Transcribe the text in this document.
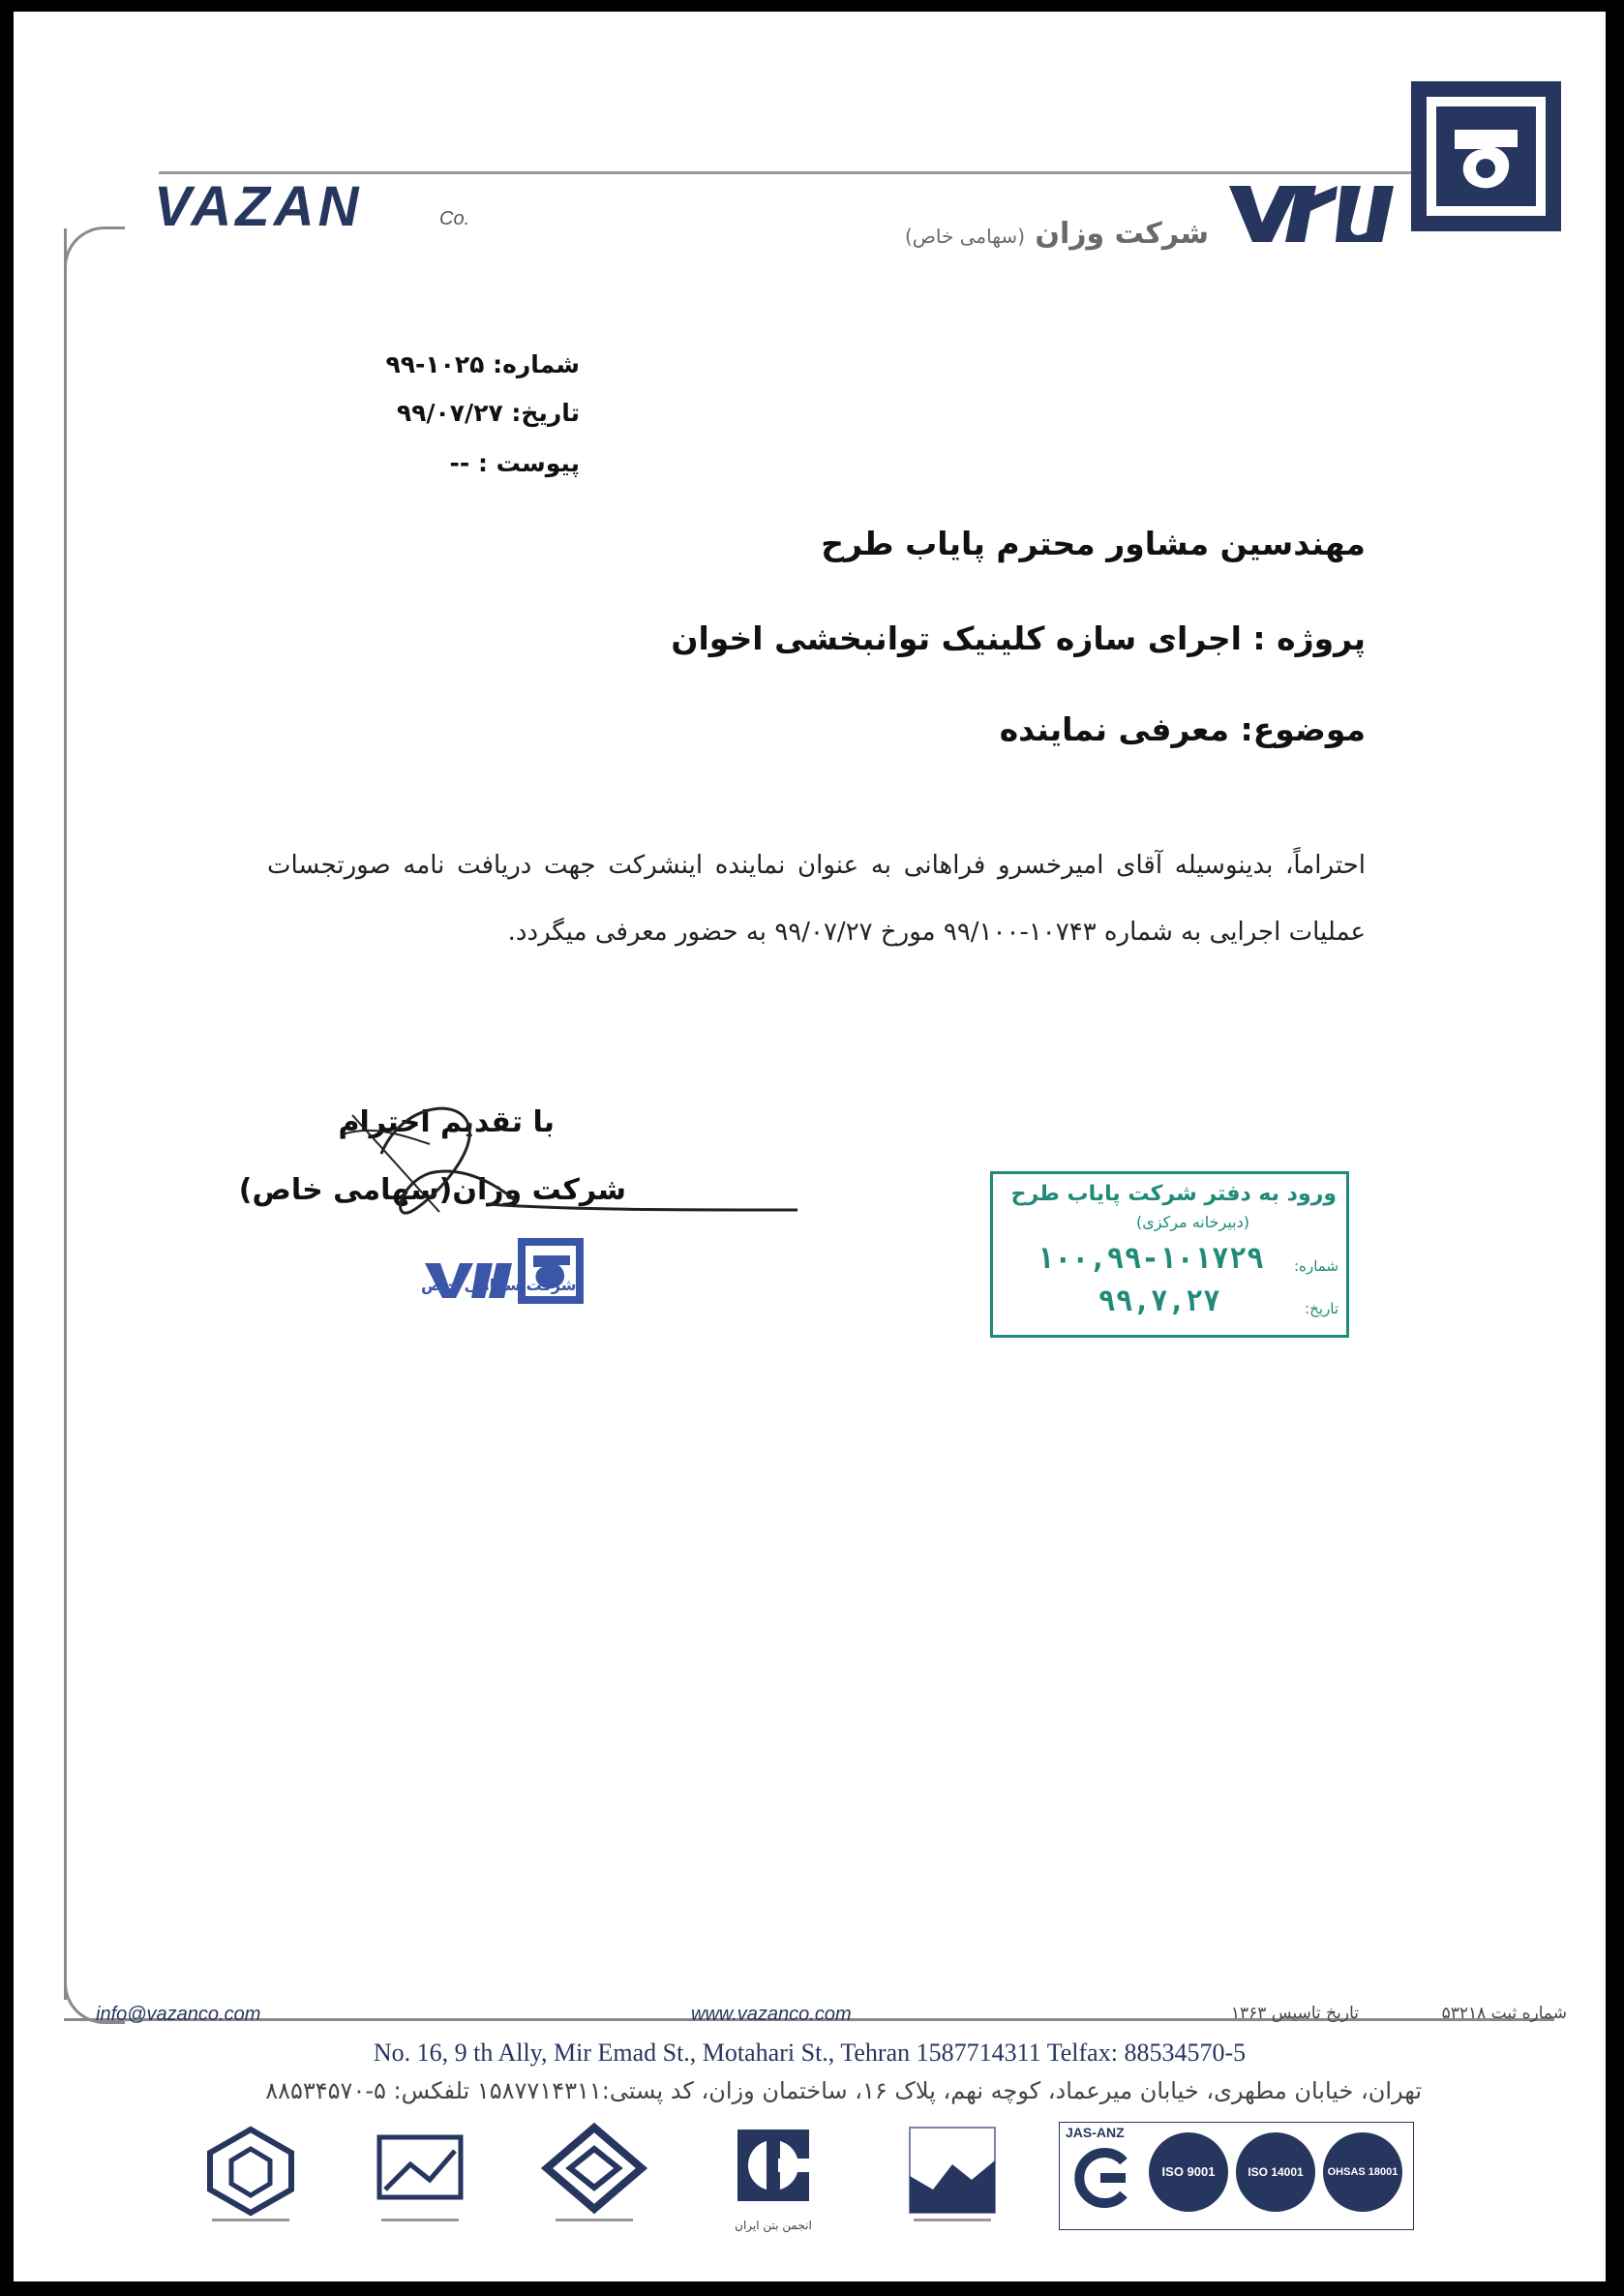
VAZAN	Co.	شرکت وزان
(سهامی خاص)
شماره: ۱۰۲۵-۹۹
تاریخ: ۹۹/۰۷/۲۷
پیوست : --
مهندسین مشاور محترم پایاب طرح
پروژه : اجرای سازه کلینیک توانبخشی اخوان
موضوع: معرفی نماینده
احتراماً، بدینوسیله آقای امیرخسرو فراهانی به عنوان نماینده اینشرکت جهت دریافت نامه صورتجسات عملیات اجرایی به شماره ۱۰۷۴۳-۹۹/۱۰۰ مورخ ۹۹/۰۷/۲۷ به حضور معرفی میگردد.
با تقدیم احترام
شرکت وزان(سهامی خاص)
شرکت سهامی خاص
ورود به دفتر شرکت پایاب طرح
(دبیرخانه مرکزی)
شماره:
۱۰۰,۹۹-۱۰۱۷۲۹
تاریخ:
۹۹,۷,۲۷
info@vazanco.com	www.vazanco.com	تاریخ تاسیس ۱۳۶۳	شماره ثبت ۵۳۲۱۸
No. 16, 9 th Ally, Mir Emad St., Motahari St., Tehran 1587714311 Telfax: 88534570-5
تهران، خیابان مطهری، خیابان میرعماد، کوچه نهم، پلاک ۱۶، ساختمان وزان، کد پستی:۱۵۸۷۷۱۴۳۱۱ تلفکس: ۵-۸۸۵۳۴۵۷۰
انجمن بتن ایران
JAS-ANZ
ISO 9001	ISO 14001	OHSAS 18001
